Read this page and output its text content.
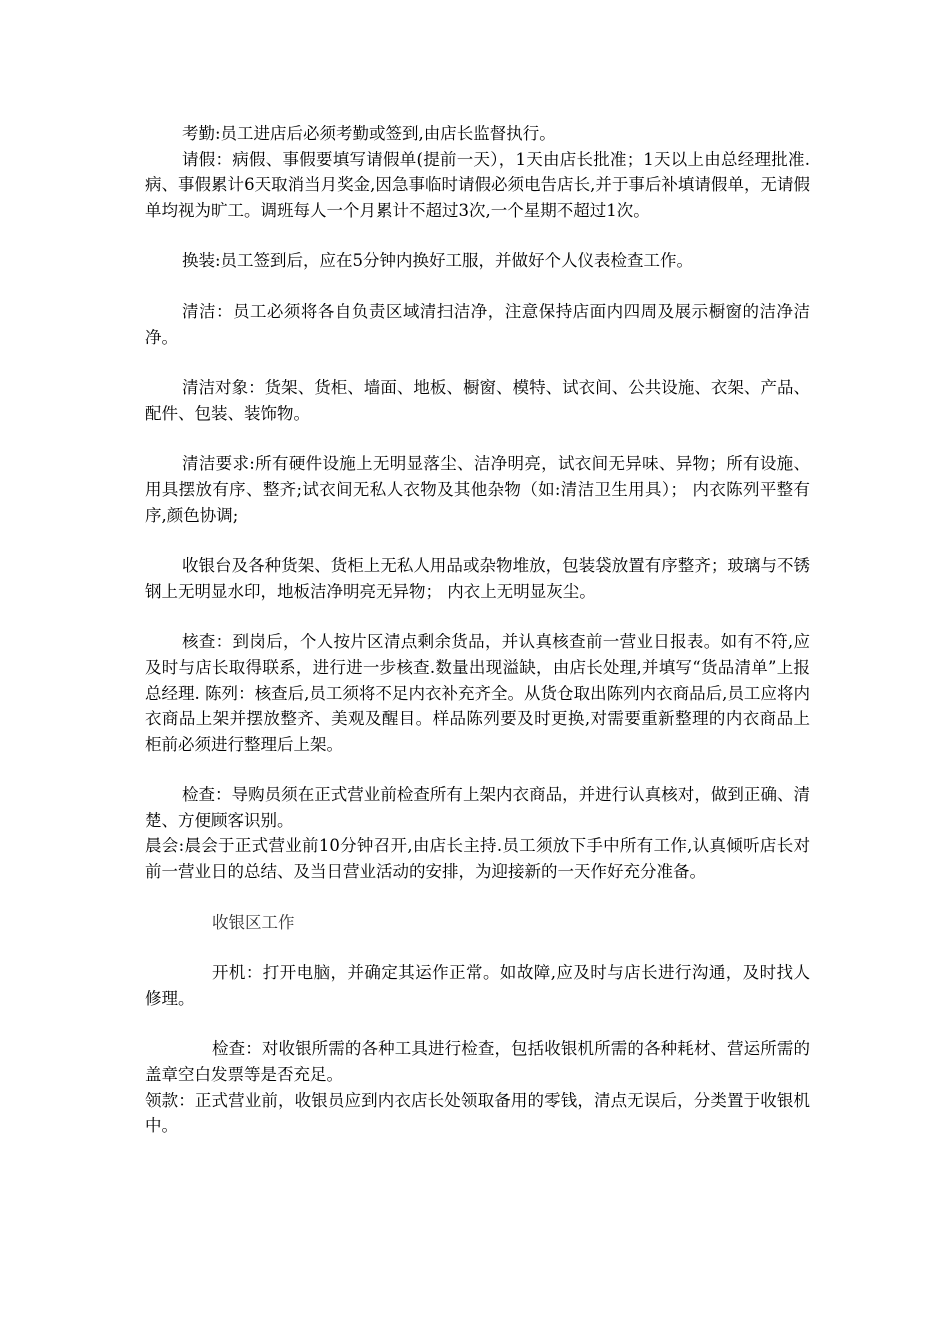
考勤:员工进店后必须考勤或签到,由店长监督执行。

请假：病假、事假要填写请假单(提前一天），1天由店长批准；1天以上由总经理批准.病、事假累计6天取消当月奖金,因急事临时请假必须电告店长,并于事后补填请假单，无请假单均视为旷工。调班每人一个月累计不超过3次,一个星期不超过1次。

换装:员工签到后，应在5分钟内换好工服，并做好个人仪表检查工作。

清洁：员工必须将各自负责区域清扫洁净，注意保持店面内四周及展示橱窗的洁净洁净。

清洁对象：货架、货柜、墙面、地板、橱窗、模特、试衣间、公共设施、衣架、产品、配件、包装、装饰物。

清洁要求:所有硬件设施上无明显落尘、洁净明亮，试衣间无异味、异物；所有设施、用具摆放有序、整齐;试衣间无私人衣物及其他杂物（如:清洁卫生用具）； 内衣陈列平整有序,颜色协调;

收银台及各种货架、货柜上无私人用品或杂物堆放，包装袋放置有序整齐；玻璃与不锈钢上无明显水印，地板洁净明亮无异物； 内衣上无明显灰尘。

核查：到岗后，个人按片区清点剩余货品，并认真核查前一营业日报表。如有不符,应及时与店长取得联系，进行进一步核查.数量出现溢缺，由店长处理,并填写“货品清单”上报总经理. 陈列：核查后,员工须将不足内衣补充齐全。从货仓取出陈列内衣商品后,员工应将内衣商品上架并摆放整齐、美观及醒目。样品陈列要及时更换,对需要重新整理的内衣商品上柜前必须进行整理后上架。

检查：导购员须在正式营业前检查所有上架内衣商品，并进行认真核对，做到正确、清楚、方便顾客识别。

晨会:晨会于正式营业前10分钟召开,由店长主持.员工须放下手中所有工作,认真倾听店长对前一营业日的总结、及当日营业活动的安排，为迎接新的一天作好充分准备。

收银区工作

开机：打开电脑，并确定其运作正常。如故障,应及时与店长进行沟通，及时找人修理。

检查：对收银所需的各种工具进行检查，包括收银机所需的各种耗材、营运所需的盖章空白发票等是否充足。

领款：正式营业前，收银员应到内衣店长处领取备用的零钱，清点无误后，分类置于收银机中。
